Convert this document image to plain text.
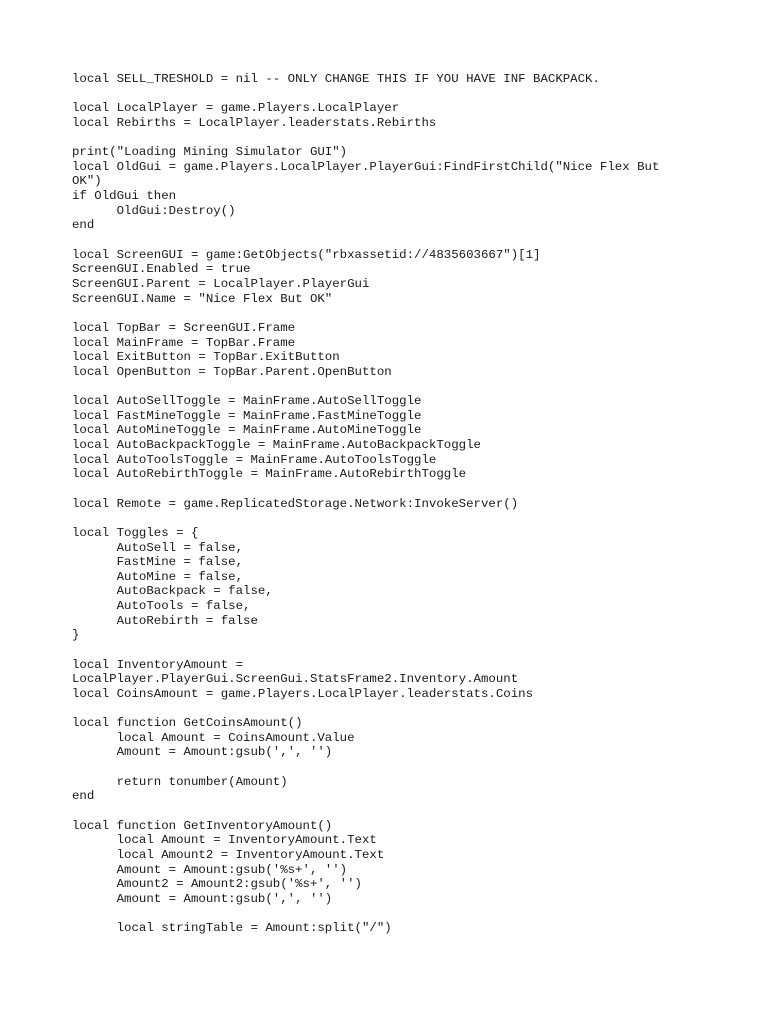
local SELL_TRESHOLD = nil -- ONLY CHANGE THIS IF YOU HAVE INF BACKPACK.
local LocalPlayer = game.Players.LocalPlayer
local Rebirths = LocalPlayer.leaderstats.Rebirths
print("Loading Mining Simulator GUI")
local OldGui = game.Players.LocalPlayer.PlayerGui:FindFirstChild("Nice Flex But
OK")
if OldGui then
OldGui:Destroy()
end
local ScreenGUI = game:GetObjects("rbxassetid://4835603667")[1]
ScreenGUI.Enabled = true
ScreenGUI.Parent = LocalPlayer.PlayerGui
ScreenGUI.Name = "Nice Flex But OK"
local TopBar = ScreenGUI.Frame
local MainFrame = TopBar.Frame
local ExitButton = TopBar.ExitButton
local OpenButton = TopBar.Parent.OpenButton
local AutoSellToggle = MainFrame.AutoSellToggle
local FastMineToggle = MainFrame.FastMineToggle
local AutoMineToggle = MainFrame.AutoMineToggle
local AutoBackpackToggle = MainFrame.AutoBackpackToggle
local AutoToolsToggle = MainFrame.AutoToolsToggle
local AutoRebirthToggle = MainFrame.AutoRebirthToggle
local Remote = game.ReplicatedStorage.Network:InvokeServer()
local Toggles = {
AutoSell = false,
FastMine = false,
AutoMine = false,
AutoBackpack = false,
AutoTools = false,
AutoRebirth = false
}
local InventoryAmount =
LocalPlayer.PlayerGui.ScreenGui.StatsFrame2.Inventory.Amount
local CoinsAmount = game.Players.LocalPlayer.leaderstats.Coins
local function GetCoinsAmount()
local Amount = CoinsAmount.Value
Amount = Amount:gsub(',', '')
return tonumber(Amount)
end
local function GetInventoryAmount()
local Amount = InventoryAmount.Text
local Amount2 = InventoryAmount.Text
Amount = Amount:gsub('%s+', '')
Amount2 = Amount2:gsub('%s+', '')
Amount = Amount:gsub(',', '')
local stringTable = Amount:split("/")
